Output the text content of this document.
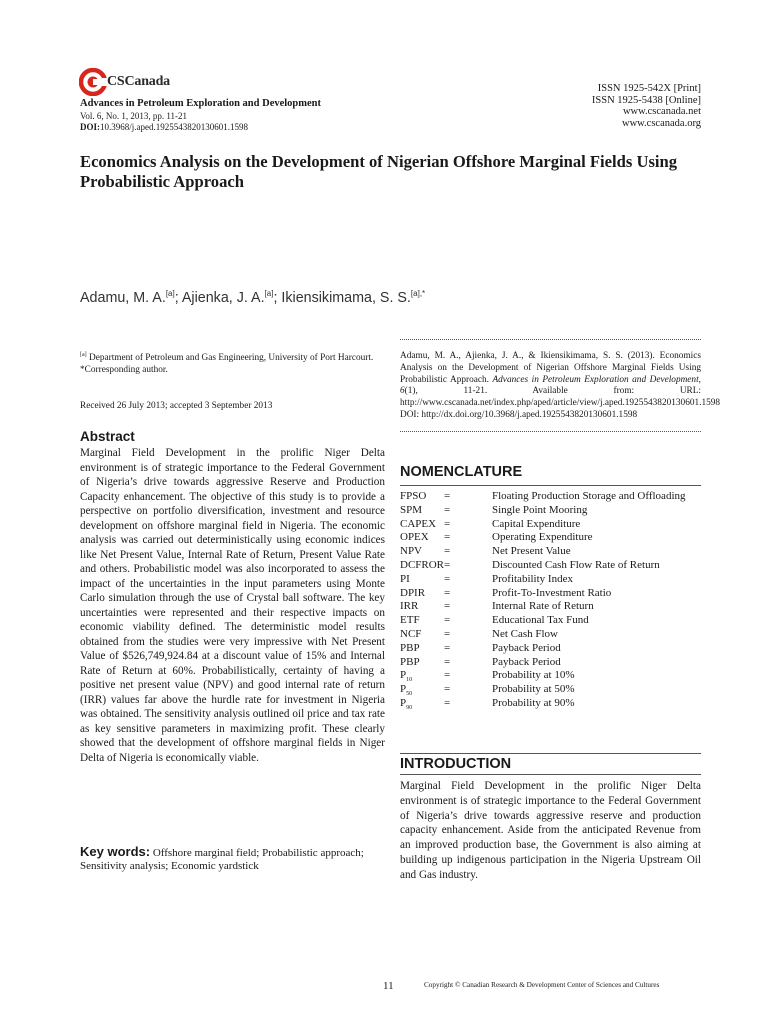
CSCanada
Advances in Petroleum Exploration and Development
Vol. 6, No. 1, 2013, pp. 11-21
DOI:10.3968/j.aped.1925543820130601.1598
ISSN 1925-542X [Print]
ISSN 1925-5438 [Online]
www.cscanada.net
www.cscanada.org
Economics Analysis on the Development of Nigerian Offshore Marginal Fields Using Probabilistic Approach
Adamu, M. A.[a]; Ajienka, J. A.[a]; Ikiensikimama, S. S.$^{[a],*}$
[a] Department of Petroleum and Gas Engineering, University of Port Harcourt.
*Corresponding author.
Received 26 July 2013; accepted 3 September 2013
Abstract
Marginal Field Development in the prolific Niger Delta environment is of strategic importance to the Federal Government of Nigeria’s drive towards aggressive Reserve and Production Capacity enhancement. The objective of this study is to provide a perspective on portfolio diversification, investment and resource development on offshore marginal field in Nigeria. The economic analysis was carried out deterministically using economic indices like Net Present Value, Internal Rate of Return, Present Value Rate and others. Probabilistic model was also incorporated to assess the impact of the uncertainties in the input parameters using Monte Carlo simulation through the use of Crystal ball software. The key uncertainties were represented and their respective impacts on economic viability defined. The deterministic model results obtained from the studies were very impressive with Net Present Value of $526,749,924.84 at a discount value of 15% and Internal Rate of Return at 60%. Probabilistically, certainty of having a positive net present value (NPV) and good internal rate of return (IRR) values far above the hurdle rate for investment in Nigeria was obtained. The sensitivity analysis outlined oil price and tax rate as key sensitive parameters in maximizing profit. These clearly showed that the development of offshore marginal fields in Niger Delta of Nigeria is economically viable.
Key words: Offshore marginal field; Probabilistic approach; Sensitivity analysis; Economic yardstick
Adamu, M. A., Ajienka, J. A., & Ikiensikimama, S. S. (2013). Economics Analysis on the Development of Nigerian Offshore Marginal Fields Using Probabilistic Approach. Advances in Petroleum Exploration and Development, 6(1), 11-21. Available from: URL: http://www.cscanada.net/index.php/aped/article/view/j.aped.1925543820130601.1598 DOI: http://dx.doi.org/10.3968/j.aped.1925543820130601.1598
NOMENCLATURE
FPSO =	Floating Production Storage and Offloading
SPM =	Single Point Mooring
CAPEX =	Capital Expenditure
OPEX =	Operating Expenditure
NPV =	Net Present Value
DCFROR =	Discounted Cash Flow Rate of Return
PI	=	Profitability Index
DPIR =	Profit-To-Investment Ratio
IRR =	Internal Rate of Return
ETF =	Educational Tax Fund
NCF =	Net Cash Flow
PBP =	Payback Period
PBP =	Payback Period
$P_{10}$	=	Probability at 10%
$P_{50}$	=	Probability at 50%
$P_{90}$	=	Probability at 90%
INTRODUCTION
Marginal Field Development in the prolific Niger Delta environment is of strategic importance to the Federal Government of Nigeria’s drive towards aggressive reserve and production capacity enhancement. Aside from the anticipated Revenue from an improved production base, the Government is also aiming at building up indigenous participation in the Nigeria Upstream Oil and Gas industry.
11	Copyright © Canadian Research & Development Center of Sciences and Cultures
